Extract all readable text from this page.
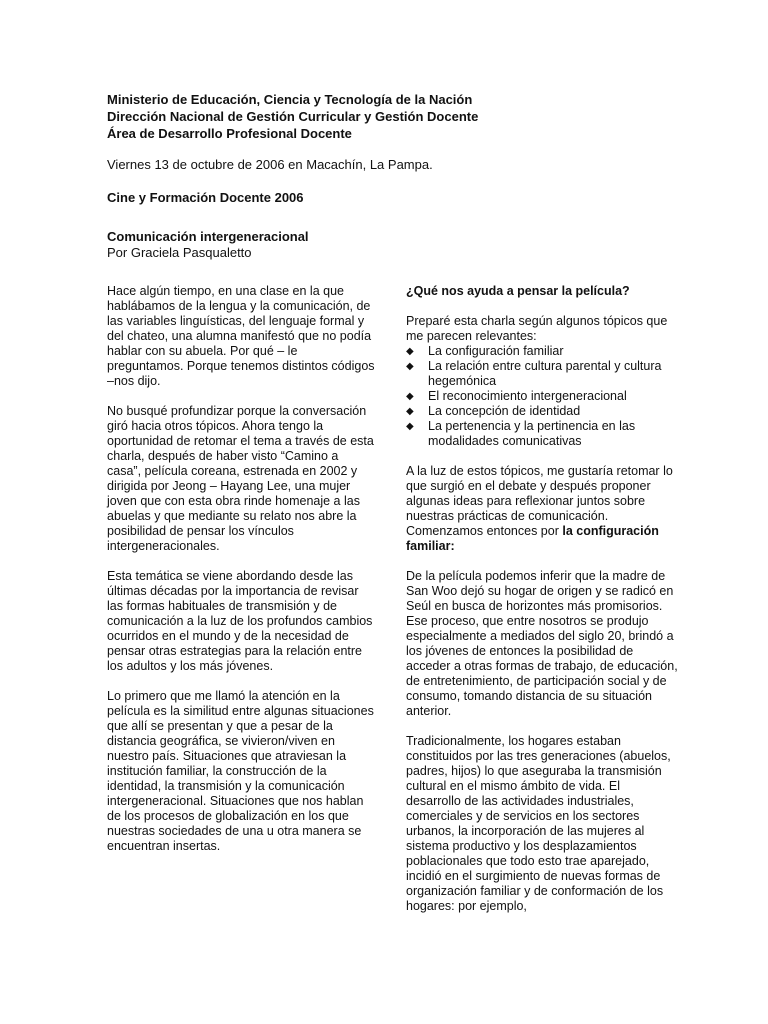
Ministerio de Educación, Ciencia y Tecnología de la Nación

Dirección Nacional de Gestión Curricular y Gestión Docente

Área de Desarrollo Profesional Docente

Viernes 13 de octubre de 2006 en Macachín, La Pampa.

Cine y Formación Docente 2006

Comunicación intergeneracional

Por Graciela Pasqualetto

Hace algún tiempo, en una clase en la que hablábamos de la lengua y la comunicación, de las variables linguísticas, del lenguaje formal y del chateo, una alumna manifestó que no podía hablar con su abuela. Por qué – le preguntamos. Porque tenemos distintos códigos –nos dijo.

No busqué profundizar porque la conversación giró hacia otros tópicos. Ahora tengo la oportunidad de retomar el tema a través de esta charla, después de haber visto “Camino a casa”, película coreana, estrenada en 2002 y dirigida por Jeong – Hayang Lee, una mujer joven que con esta obra rinde homenaje a las abuelas y que mediante su relato nos abre la posibilidad de pensar los vínculos intergeneracionales.

Esta temática se viene abordando desde las últimas décadas por la importancia de revisar las formas habituales de transmisión y de comunicación a la luz de los profundos cambios ocurridos en el mundo y de la necesidad de pensar otras estrategias para la relación entre los adultos y los más jóvenes.

Lo primero que me llamó la atención en la película es la similitud entre algunas situaciones que allí se presentan y que a pesar de la distancia geográfica, se vivieron/viven en nuestro país. Situaciones que atraviesan la institución familiar, la construcción de la identidad, la transmisión y la comunicación intergeneracional. Situaciones que nos hablan de los procesos de globalización en los que nuestras sociedades de una u otra manera se encuentran insertas.

¿Qué nos ayuda a pensar la película?

Preparé esta charla según algunos tópicos que me parecen relevantes:

◆ La configuración familiar
◆ La relación entre cultura parental y cultura hegemónica
◆ El reconocimiento intergeneracional
◆ La concepción de identidad
◆ La pertenencia y la pertinencia en las modalidades comunicativas

A la luz de estos tópicos, me gustaría retomar lo que surgió en el debate y después proponer algunas ideas para reflexionar juntos sobre nuestras prácticas de comunicación. Comenzamos entonces por la configuración familiar:

De la película podemos inferir que la madre de San Woo dejó su hogar de origen y se radicó en Seúl en busca de horizontes más promisorios. Ese proceso, que entre nosotros se produjo especialmente a mediados del siglo 20, brindó a los jóvenes de entonces la posibilidad de acceder a otras formas de trabajo, de educación, de entretenimiento, de participación social y de consumo, tomando distancia de su situación anterior.

Tradicionalmente, los hogares estaban constituidos por las tres generaciones (abuelos, padres, hijos) lo que aseguraba la transmisión cultural en el mismo ámbito de vida. El desarrollo de las actividades industriales, comerciales y de servicios en los sectores urbanos, la incorporación de las mujeres al sistema productivo y los desplazamientos poblacionales que todo esto trae aparejado, incidió en el surgimiento de nuevas formas de organización familiar y de conformación de los hogares: por ejemplo,
